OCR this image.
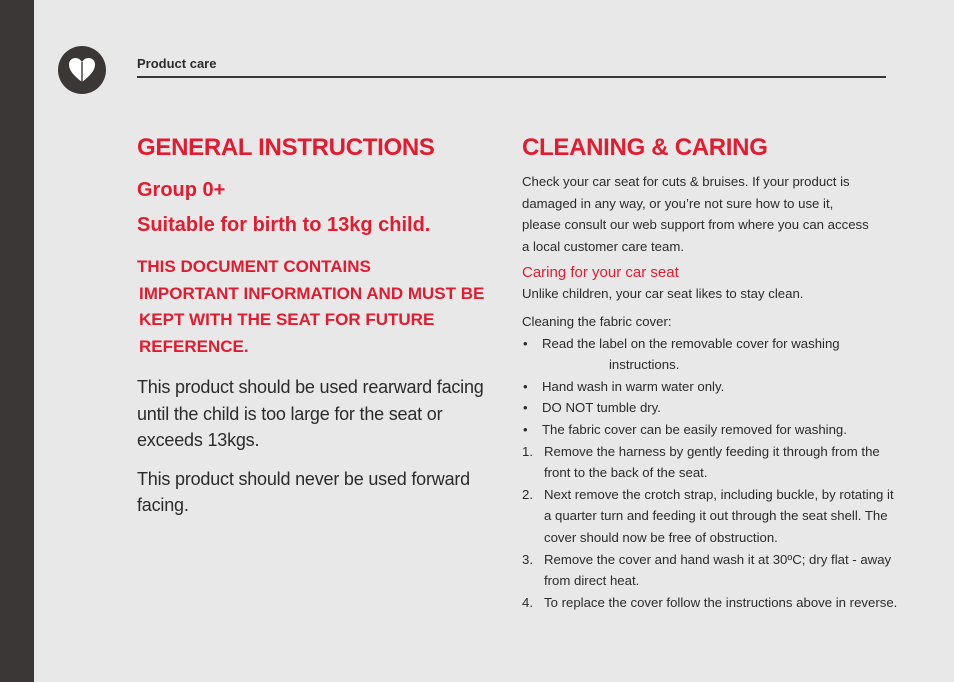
Product care
GENERAL INSTRUCTIONS
Group 0+
Suitable for birth to 13kg child.
THIS DOCUMENT CONTAINS
IMPORTANT INFORMATION AND MUST BE KEPT WITH THE SEAT FOR FUTURE REFERENCE.

This product should be used rearward facing until the child is too large for the seat or exceeds 13kgs.

This product should never be used forward facing.

CLEANING & CARING

Check your car seat for cuts & bruises. If your product is damaged in any way, or you’re not sure how to use it, please consult our web support from where you can access a local customer care team.

Caring for your car seat

Unlike children, your car seat likes to stay clean.

Cleaning the fabric cover:

• Read the label on the removable cover for washing
instructions.
• Hand wash in warm water only.
• DO NOT tumble dry.
• The fabric cover can be easily removed for washing.
1. Remove the harness by gently feeding it through from the front to the back of the seat.
2. Next remove the crotch strap, including buckle, by rotating it a quarter turn and feeding it out through the seat shell. The cover should now be free of obstruction.
3. Remove the cover and hand wash it at 30ºC; dry flat - away from direct heat.
4. To replace the cover follow the instructions above in reverse.
